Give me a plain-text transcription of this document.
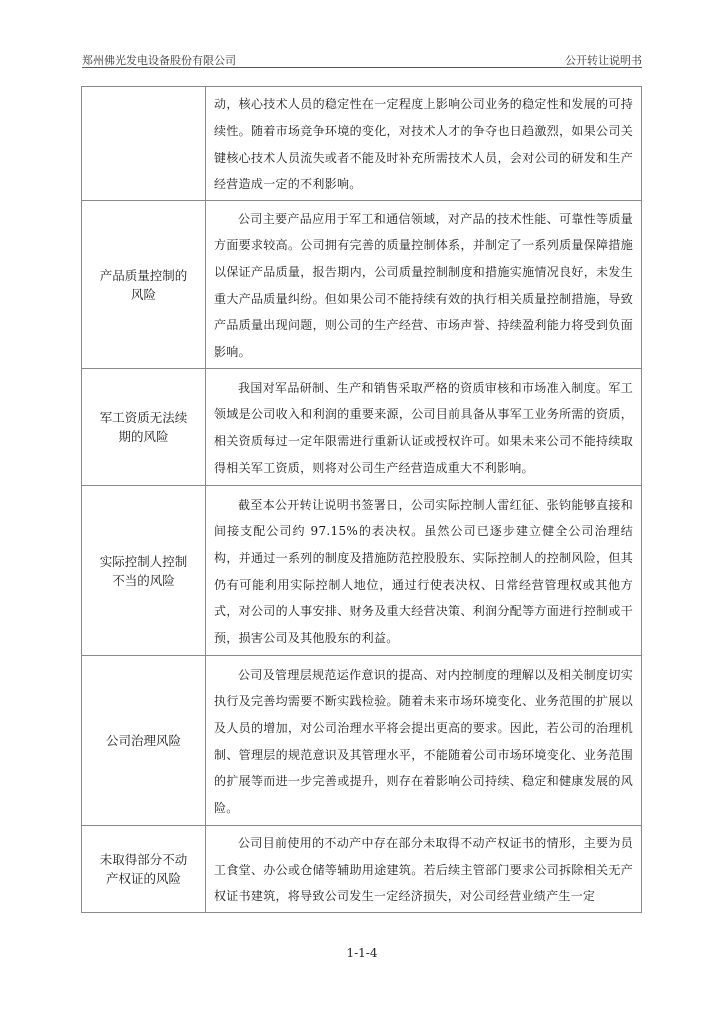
郑州佛光发电设备股份有限公司	公开转让说明书

	动，核心技术人员的稳定性在一定程度上影响公司业务的稳定性和发展的可持续性。随着市场竞争环境的变化，对技术人才的争夺也日趋激烈，如果公司关键核心技术人员流失或者不能及时补充所需技术人员，会对公司的研发和生产经营造成一定的不利影响。

产品质量控制的风险	公司主要产品应用于军工和通信领域，对产品的技术性能、可靠性等质量方面要求较高。公司拥有完善的质量控制体系，并制定了一系列质量保障措施以保证产品质量，报告期内，公司质量控制制度和措施实施情况良好，未发生重大产品质量纠纷。但如果公司不能持续有效的执行相关质量控制措施，导致产品质量出现问题，则公司的生产经营、市场声誉、持续盈利能力将受到负面影响。

军工资质无法续期的风险	我国对军品研制、生产和销售采取严格的资质审核和市场准入制度。军工领域是公司收入和利润的重要来源，公司目前具备从事军工业务所需的资质，相关资质每过一定年限需进行重新认证或授权许可。如果未来公司不能持续取得相关军工资质，则将对公司生产经营造成重大不利影响。

实际控制人控制不当的风险	截至本公开转让说明书签署日，公司实际控制人雷红征、张钧能够直接和间接支配公司约 97.15%的表决权。虽然公司已逐步建立健全公司治理结构，并通过一系列的制度及措施防范控股股东、实际控制人的控制风险，但其仍有可能利用实际控制人地位，通过行使表决权、日常经营管理权或其他方式，对公司的人事安排、财务及重大经营决策、利润分配等方面进行控制或干预，损害公司及其他股东的利益。

公司治理风险	公司及管理层规范运作意识的提高、对内控制度的理解以及相关制度切实执行及完善均需要不断实践检验。随着未来市场环境变化、业务范围的扩展以及人员的增加，对公司治理水平将会提出更高的要求。因此，若公司的治理机制、管理层的规范意识及其管理水平，不能随着公司市场环境变化、业务范围的扩展等而进一步完善或提升，则存在着影响公司持续、稳定和健康发展的风险。

未取得部分不动产权证的风险	公司目前使用的不动产中存在部分未取得不动产权证书的情形，主要为员工食堂、办公或仓储等辅助用途建筑。若后续主管部门要求公司拆除相关无产权证书建筑，将导致公司发生一定经济损失，对公司经营业绩产生一定

1-1-4
